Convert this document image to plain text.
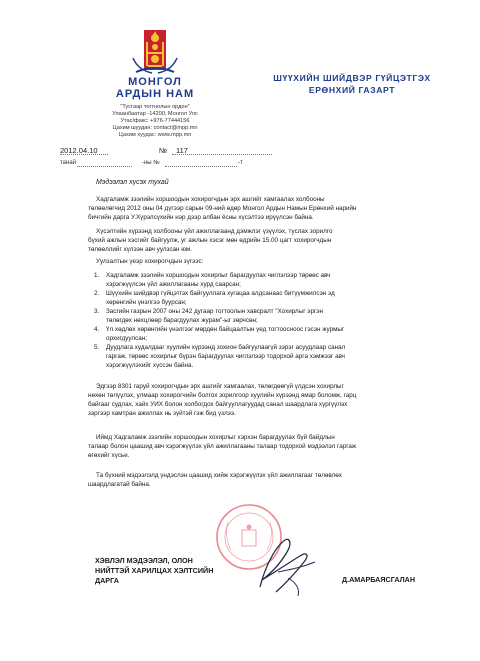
МОНГОЛ
АРДЫН НАМ
"Тусгаар тогтнолын ордон"
Улаанбаатар -14200, Монгол Улс
Утас/факс: +976-77444156
Цахим шуудан: contact@mpp.mn
Цахим хуудас: www.mpp.mn
ШҮҮХИЙН ШИЙДВЭР ГҮЙЦЭТГЭХ
ЕРӨНХИЙ ГАЗАРТ
2012.04.10	№ 117
танай	-ны №	-т
Мэдээлэл хүсэх тухай
Хадгаламж зээлийн хоршоодын хохирогчдын эрх ашгийг хамгаалах холбооны
төлөөлөгчид 2012 оны 04 дүгээр сарын 09-ний өдөр Монгол Ардын Намын Ерөнхий нарийн
бичгийн дарга У.Хүрэлсүхийн нэр дээр албан ёсны хүсэлтээ ирүүлсэн байна.
Хүсэлтийн хүрээнд холбооны үйл ажиллагаанд дэмжлэг үзүүлэх, туслах зорилго
бүхий ажлын хэсгийг байгуулж, уг ажлын хэсэг мөн өдрийн 15.00 цагт хохирогчдын
төлөөллийг хүлээн авч уулзсан юм.
Уулзалтын үеэр хохирогчдын зүгээс:
1. Хадгаламж зээлийн хоршоодын хохирлыг барагдуулах чиглэлээр төрөөс авч
хэрэгжүүлсэн үйл ажиллагааны хурд саарсан;
2. Шүүхийн шийдвэр гүйцэтгэх байгууллага хугацаа алдсанаас битүүмжилсэн эд
хөрөнгийн үнэлгээ буурсан;
3. Засгийн газрын 2007 оны 242 дугаар тогтоолын хавсралт "Хохирлыг эргэн
төлөгдөх нөхцлөөр барагдуулах журам"-ыг зөрчсөн;
4. Үл хөдлөх хөрөнгийн үнэлгээг мөрдөн байцаалтын үед тогтоосноос гэсэн журмыг
орхигдуулсан;
5. Дуудлага худалдааг хуулийн хүрээнд зохион байгуулаагүй зэрэг асуудлаар санал
гаргаж, төрөөс хохирлыг бүрэн барагдуулах чиглэлээр тодорхой арга хэмжээг авч
хэрэгжүүлэхийг хүссэн байна.
Эдгээр 8301 гаруй хохирогчдын эрх ашгийг хамгаалах, төлөгдөөгүй үлдсэн хохирлыг
нөхөн төлүүлэх, улмаар хохирогчийн болгох зорилгоор хуулийн хүрээнд ямар боломж, гарц
байгааг судлах, хайх УИХ болон холбогдох байгууллагуудад санал шаардлага хүргүүлэх
зэргээр хамтран ажиллах нь зүйтэй гэж бид үзлээ.
Иймд Хадгаламж зээлийн хоршоодын хохирлыг хэрхэн барагдуулах бүй байдлын
талаар болон цаашид авч хэрэгжүүлэх үйл ажиллагааны талаар тодорхой мэдээлэл гаргаж
өгөхийг хүсье.
Та бүхний мэдээлэлд үндэслэн цаашид хийж хэрэгжүүлэх үйл ажиллагааг төлөвлөх
шаардлагатай байна.
ХЭВЛЭЛ МЭДЭЭЛЭЛ, ОЛОН
НИЙТТЭЙ ХАРИЛЦАХ ХЭЛТСИЙН
ДАРГА	Д.АМАРБАЯСГАЛАН
